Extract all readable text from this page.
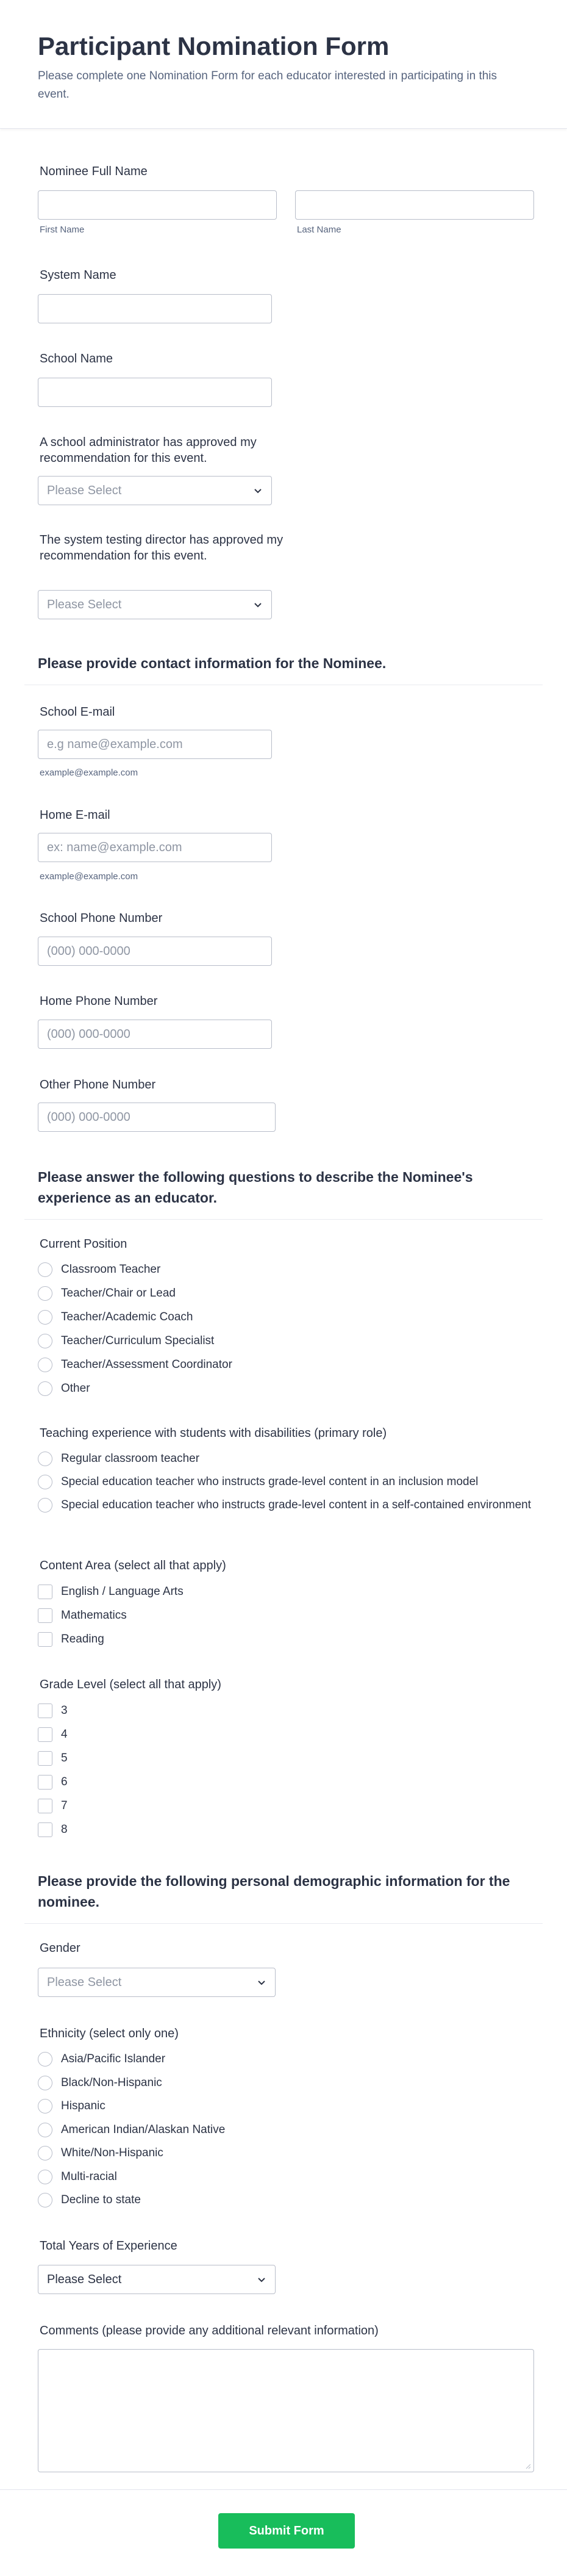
Participant Nomination Form

Please complete one Nomination Form for each educator interested in participating in this event.

Nominee Full Name
First Name	Last Name
System Name
School Name
A school administrator has approved my recommendation for this event.
Please Select
The system testing director has approved my recommendation for this event.
Please Select
Please provide contact information for the Nominee.
School E-mail
e.g name@example.com
example@example.com
Home E-mail
ex: name@example.com
example@example.com
School Phone Number
(000) 000-0000
Home Phone Number
(000) 000-0000
Other Phone Number
(000) 000-0000
Please answer the following questions to describe the Nominee's experience as an educator.
Current Position
Classroom Teacher
Teacher/Chair or Lead
Teacher/Academic Coach
Teacher/Curriculum Specialist
Teacher/Assessment Coordinator
Other
Teaching experience with students with disabilities (primary role)
Regular classroom teacher
Special education teacher who instructs grade-level content in an inclusion model
Special education teacher who instructs grade-level content in a self-contained environment
Content Area (select all that apply)
English / Language Arts
Mathematics
Reading
Grade Level (select all that apply)
3
4
5
6
7
8
Please provide the following personal demographic information for the nominee.
Gender
Please Select
Ethnicity (select only one)
Asia/Pacific Islander
Black/Non-Hispanic
Hispanic
American Indian/Alaskan Native
White/Non-Hispanic
Multi-racial
Decline to state
Total Years of Experience
Please Select
Comments (please provide any additional relevant information)
Submit Form
